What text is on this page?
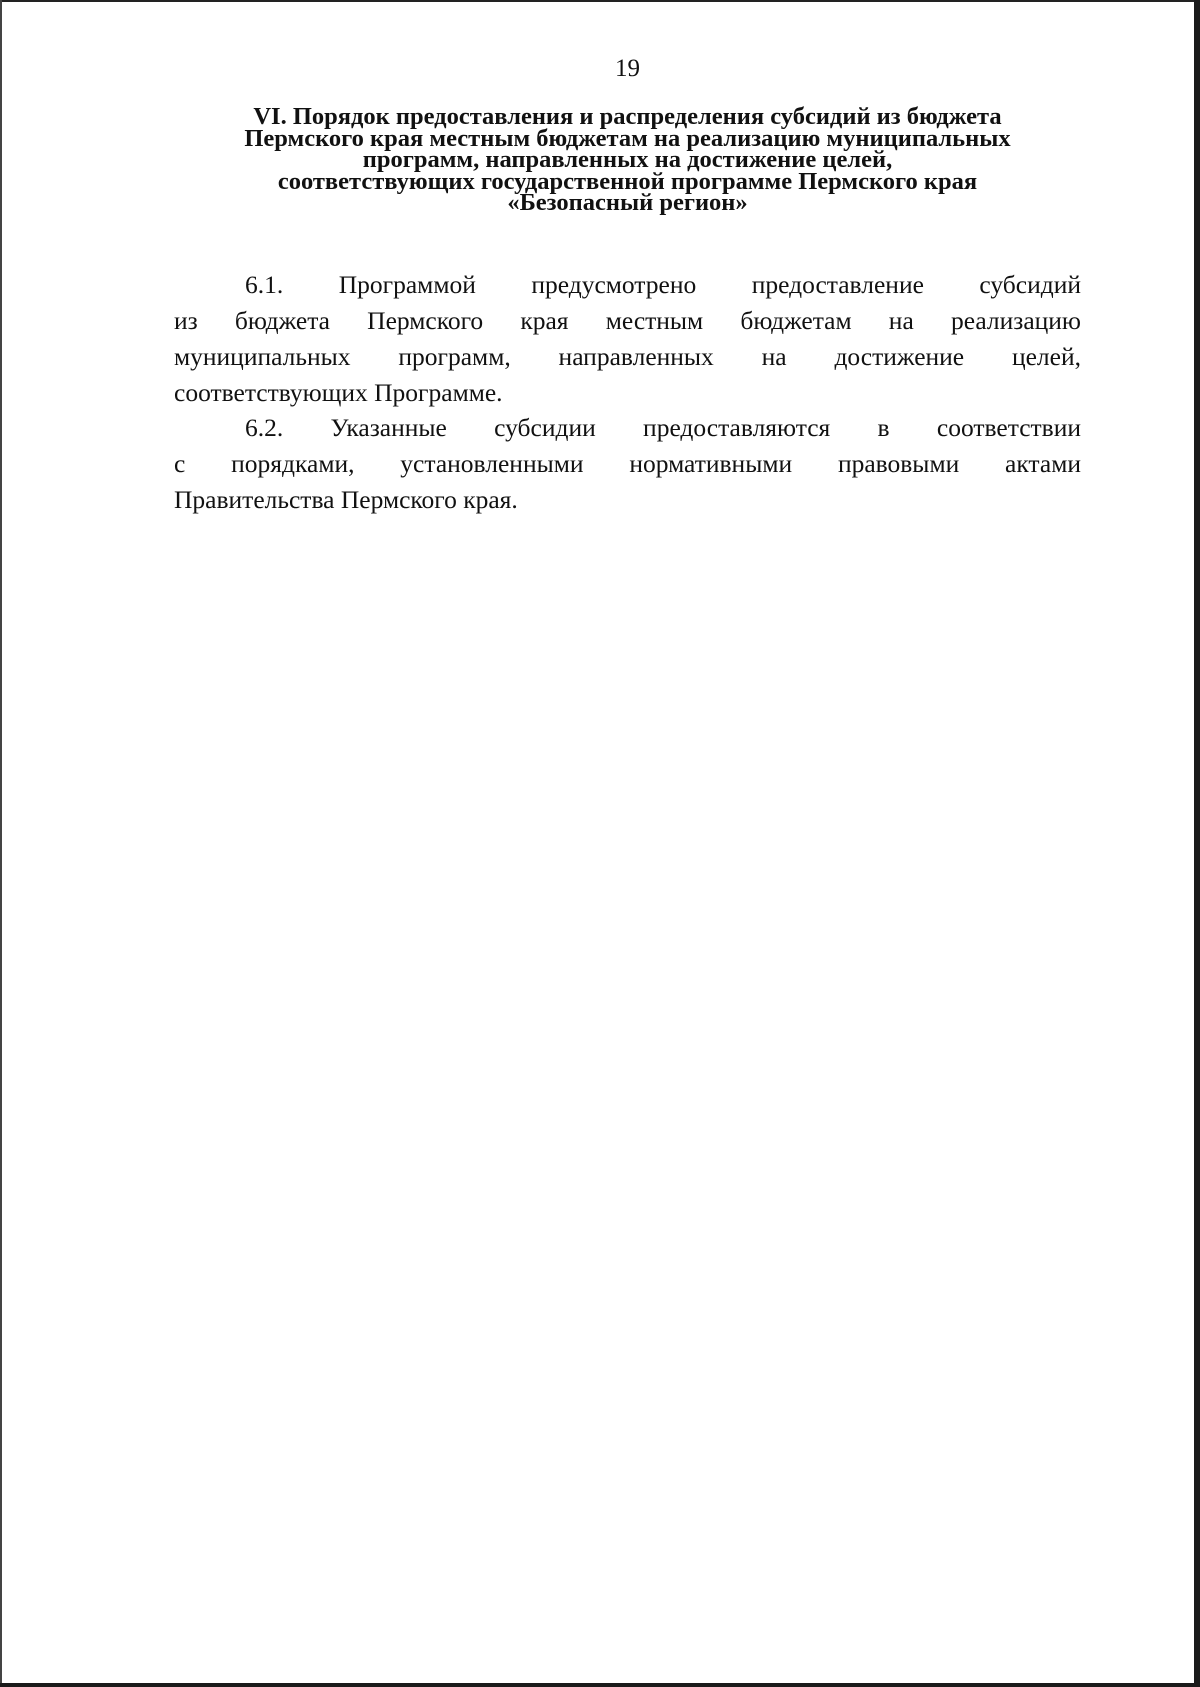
19
VI. Порядок предоставления и распределения субсидий из бюджета
Пермского края местным бюджетам на реализацию муниципальных
программ, направленных на достижение целей,
соответствующих государственной программе Пермского края
«Безопасный регион»
6.1. Программой предусмотрено предоставление субсидий
из бюджета Пермского края местным бюджетам на реализацию
муниципальных программ, направленных на достижение целей,
соответствующих Программе.
6.2. Указанные субсидии предоставляются в соответствии
с порядками, установленными нормативными правовыми актами
Правительства Пермского края.
